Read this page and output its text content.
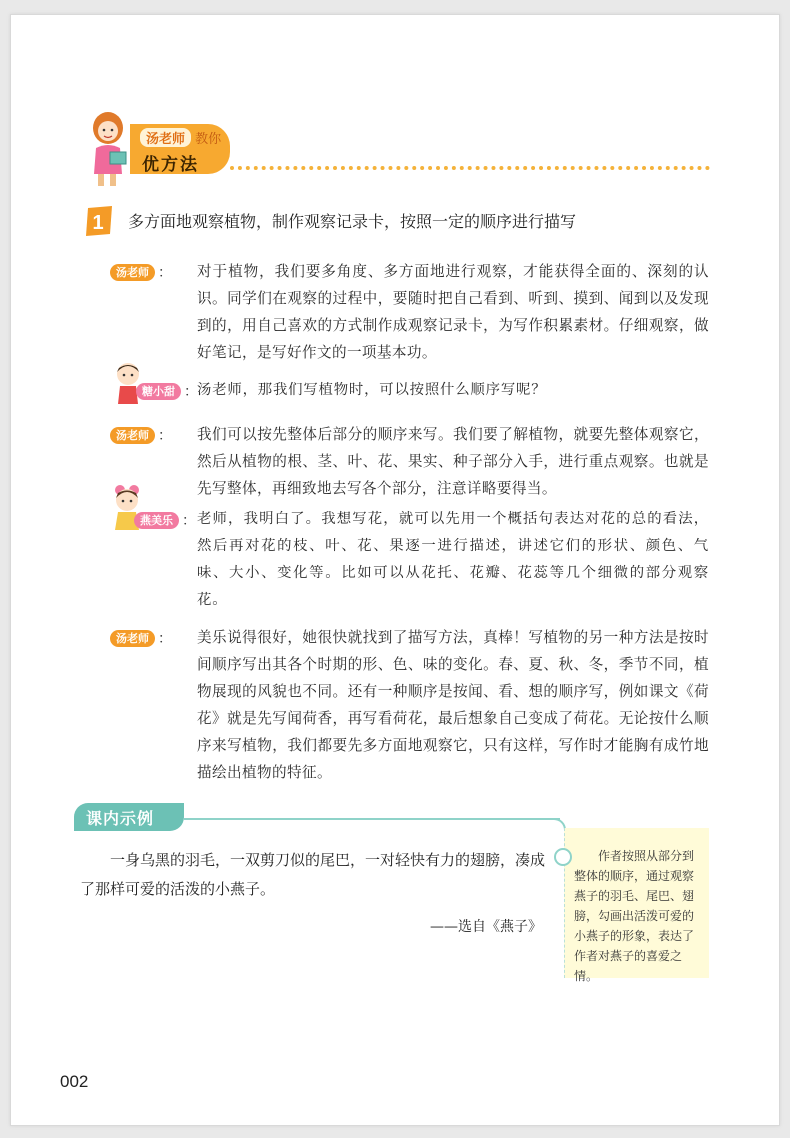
汤老师 教你
优方法
1 多方面地观察植物，制作观察记录卡，按照一定的顺序进行描写
汤老师 ： 对于植物，我们要多角度、多方面地进行观察，才能获得全面的、深刻的认识。同学们在观察的过程中，要随时把自己看到、听到、摸到、闻到以及发现到的，用自己喜欢的方式制作成观察记录卡，为写作积累素材。仔细观察，做好笔记，是写好作文的一项基本功。
糖小甜 ： 汤老师，那我们写植物时，可以按照什么顺序写呢？
汤老师 ： 我们可以按先整体后部分的顺序来写。我们要了解植物，就要先整体观察它，然后从植物的根、茎、叶、花、果实、种子部分入手，进行重点观察。也就是先写整体，再细致地去写各个部分，注意详略要得当。
燕美乐 ： 老师，我明白了。我想写花，就可以先用一个概括句表达对花的总的看法，然后再对花的枝、叶、花、果逐一进行描述，讲述它们的形状、颜色、气味、大小、变化等。比如可以从花托、花瓣、花蕊等几个细微的部分观察花。
汤老师 ： 美乐说得很好，她很快就找到了描写方法，真棒！写植物的另一种方法是按时间顺序写出其各个时期的形、色、味的变化。春、夏、秋、冬，季节不同，植物展现的风貌也不同。还有一种顺序是按闻、看、想的顺序写，例如课文《荷花》就是先写闻荷香，再写看荷花，最后想象自己变成了荷花。无论按什么顺序来写植物，我们都要先多方面地观察它，只有这样，写作时才能胸有成竹地描绘出植物的特征。
课内示例

一身乌黑的羽毛，一双剪刀似的尾巴，一对轻快有力的翅膀，凑成了那样可爱的活泼的小燕子。

——选自《燕子》
作者按照从部分到整体的顺序，通过观察燕子的羽毛、尾巴、翅膀，勾画出活泼可爱的小燕子的形象，表达了作者对燕子的喜爱之情。
002
